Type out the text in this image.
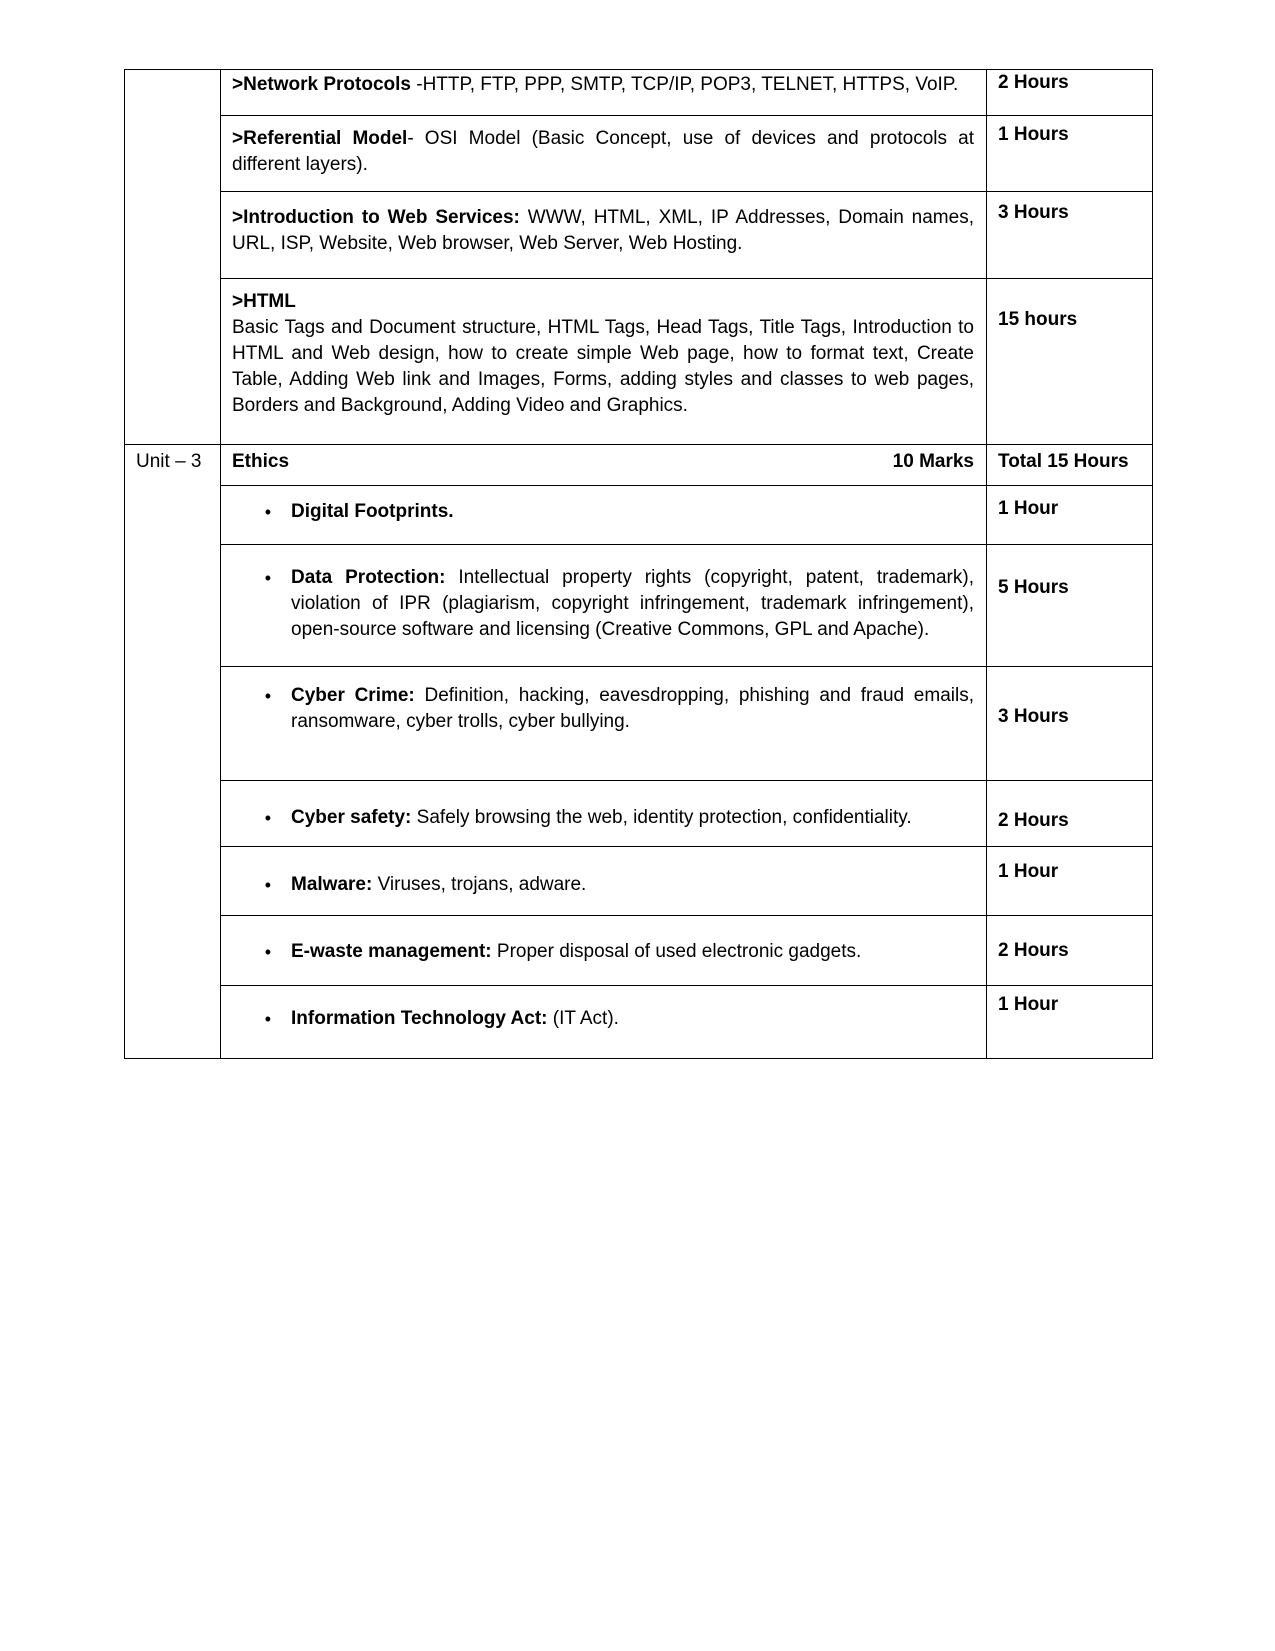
	>Network Protocols -HTTP, FTP, PPP, SMTP, TCP/IP, POP3, TELNET, HTTPS, VoIP.	2 Hours

	>Referential Model- OSI Model (Basic Concept, use of devices and protocols at different layers).	1 Hours

	>Introduction to Web Services: WWW, HTML, XML, IP Addresses, Domain names, URL, ISP, Website, Web browser, Web Server, Web Hosting.	3 Hours

	>HTML
Basic Tags and Document structure, HTML Tags, Head Tags, Title Tags, Introduction to HTML and Web design, how to create simple Web page, how to format text, Create Table, Adding Web link and Images, Forms, adding styles and classes to web pages, Borders and Background, Adding Video and Graphics.	15 hours

Unit – 3	Ethics 10 Marks	Total 15 Hours

	• Digital Footprints.	1 Hour

	• Data Protection: Intellectual property rights (copyright, patent, trademark), violation of IPR (plagiarism, copyright infringement, trademark infringement), open-source software and licensing (Creative Commons, GPL and Apache).	5 Hours

	• Cyber Crime: Definition, hacking, eavesdropping, phishing and fraud emails, ransomware, cyber trolls, cyber bullying.	3 Hours

	• Cyber safety: Safely browsing the web, identity protection, confidentiality.	2 Hours

	• Malware: Viruses, trojans, adware.	1 Hour

	• E-waste management: Proper disposal of used electronic gadgets.	2 Hours

	• Information Technology Act: (IT Act).	1 Hour
